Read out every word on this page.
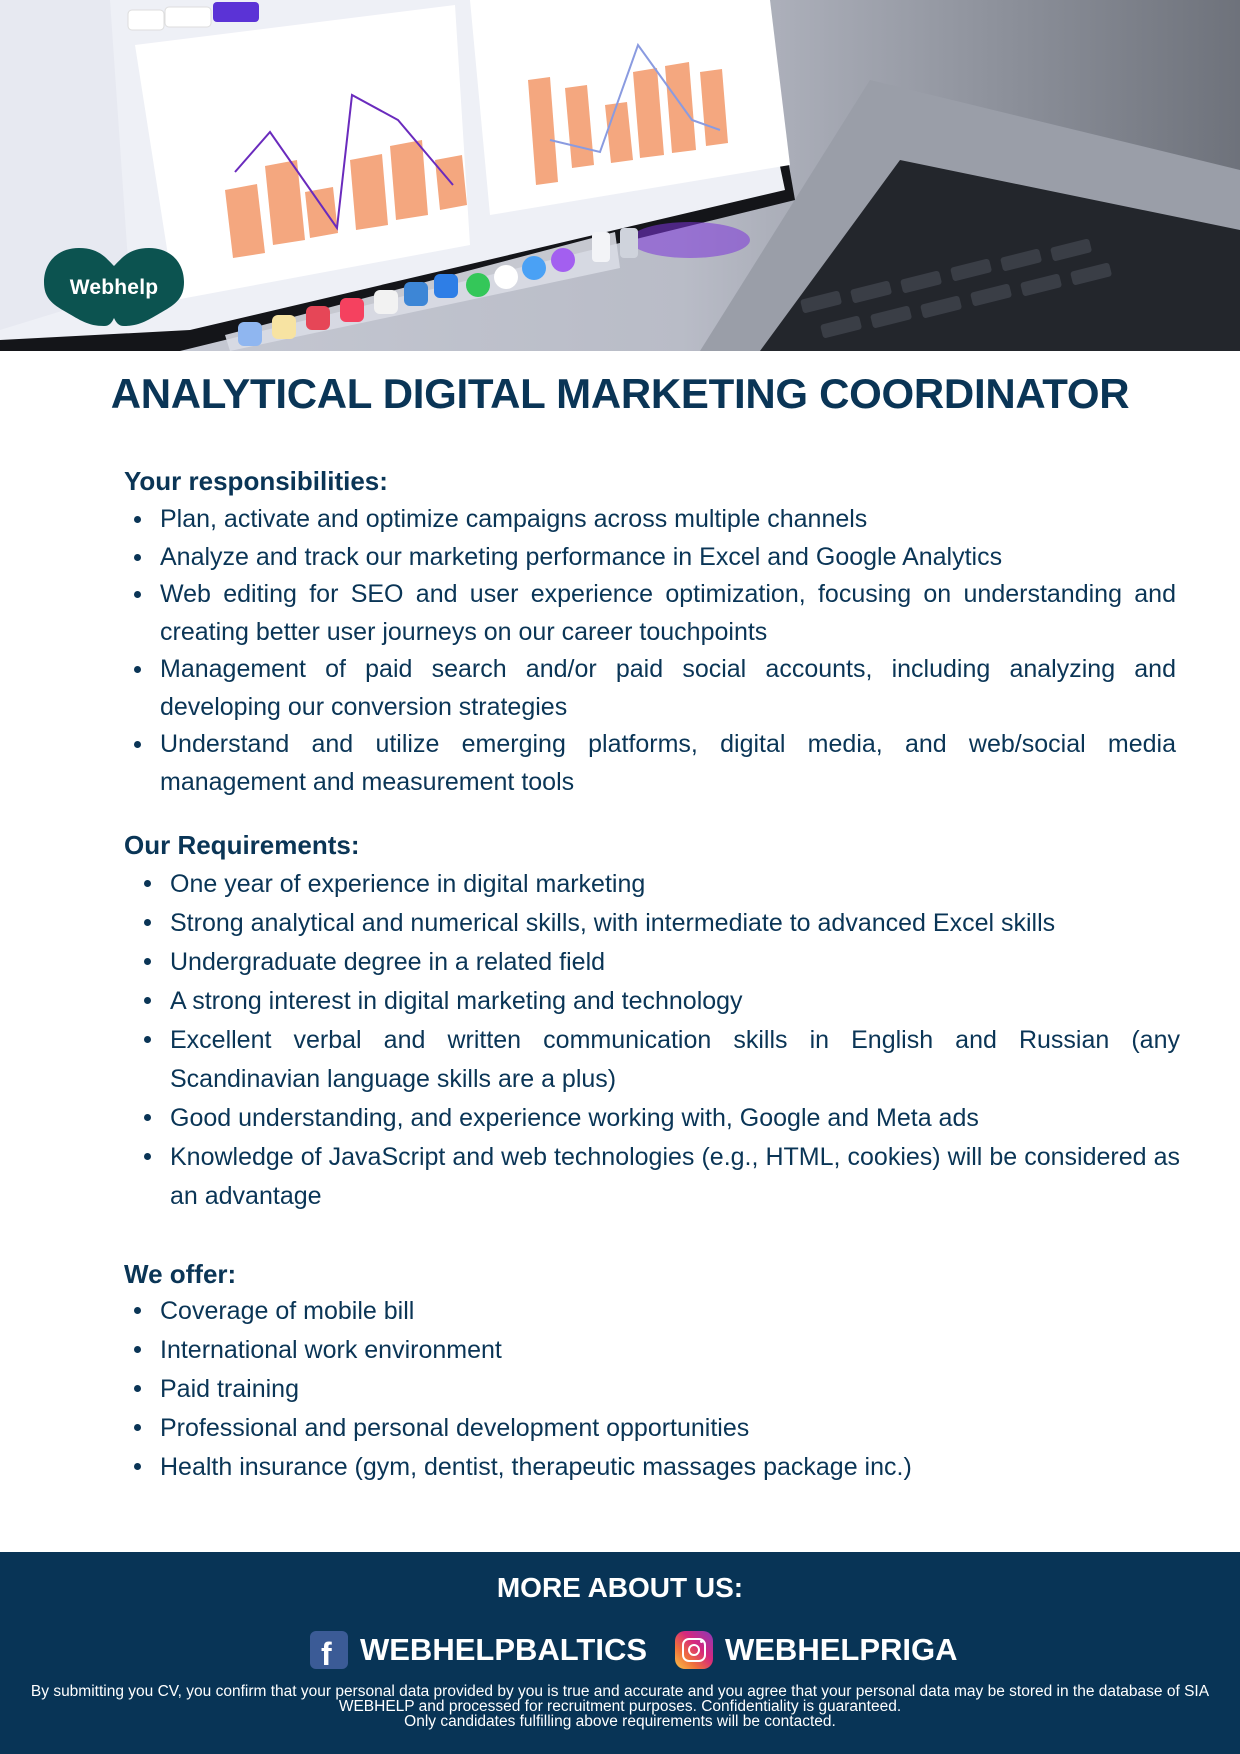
Webhelp
ANALYTICAL DIGITAL MARKETING COORDINATOR
Your responsibilities:
Plan, activate and optimize campaigns across multiple channels
Analyze and track our marketing performance in Excel and Google Analytics
Web editing for SEO and user experience optimization, focusing on understanding and creating better user journeys on our career touchpoints
Management of paid search and/or paid social accounts, including analyzing and developing our conversion strategies
Understand and utilize emerging platforms, digital media, and web/social media management and measurement tools
Our Requirements:
One year of experience in digital marketing
Strong analytical and numerical skills, with intermediate to advanced Excel skills
Undergraduate degree in a related field
A strong interest in digital marketing and technology
Excellent verbal and written communication skills in English and Russian (any Scandinavian language skills are a plus)
Good understanding, and experience working with, Google and Meta ads
Knowledge of JavaScript and web technologies (e.g., HTML, cookies) will be considered as an advantage
We offer:
Coverage of mobile bill
International work environment
Paid training
Professional and personal development opportunities
Health insurance (gym, dentist, therapeutic massages package inc.)
MORE ABOUT US:
f WEBHELPBALTICS	WEBHELPRIGA
By submitting you CV, you confirm that your personal data provided by you is true and accurate and you agree that your personal data may be stored in the database of SIA WEBHELP and processed for recruitment purposes. Confidentiality is guaranteed.
Only candidates fulfilling above requirements will be contacted.
